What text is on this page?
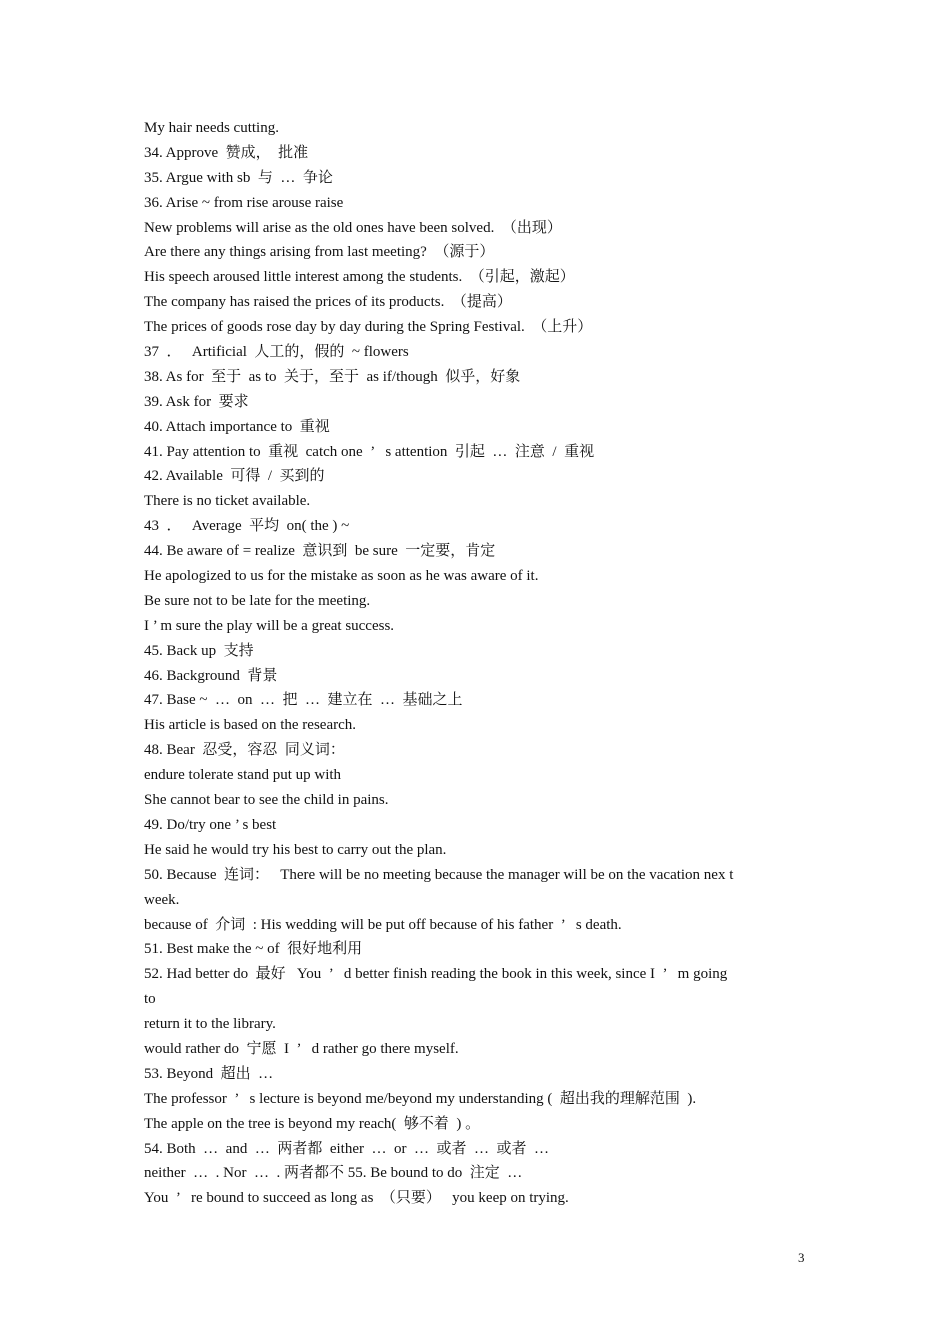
My hair needs cutting.
34. Approve  赞成，  批准
35. Argue with sb  与  …  争论
36. Arise ~ from rise arouse raise
New problems will arise as the old ones have been solved.  （出现）
Are there any things arising from last meeting?  （源于）
His speech aroused little interest among the students.  （引起，激起）
The company has raised the prices of its products.  （提高）
The prices of goods rose day by day during the Spring Festival.  （上升）
37  ．   Artificial  人工的，假的  ~ flowers
38. As for  至于  as to  关于，至于  as if/though  似乎，好象
39. Ask for  要求
40. Attach importance to  重视
41. Pay attention to  重视  catch one  ’   s attention  引起  …  注意  /  重视
42. Available  可得  /  买到的
There is no ticket available.
43  ．   Average  平均  on( the ) ~
44. Be aware of = realize  意识到  be sure  一定要，肯定
He apologized to us for the mistake as soon as he was aware of it.
Be sure not to be late for the meeting.
I ’ m sure the play will be a great success.
45. Back up  支持
46. Background  背景
47. Base ~  …  on  …  把  …  建立在  …  基础之上
His article is based on the research.
48. Bear  忍受，容忍  同义词：
endure tolerate stand put up with
She cannot bear to see the child in pains.
49. Do/try one ’ s best
He said he would try his best to carry out the plan.
50. Because  连词：   There will be no meeting because the manager will be on the vacation nex t
week.
because of  介词  : His wedding will be put off because of his father  ’   s death.
51. Best make the ~ of  很好地利用
52. Had better do  最好   You  ’   d better finish reading the book in this week, since I  ’   m going
to
return it to the library.
would rather do  宁愿  I  ’   d rather go there myself.
53. Beyond  超出  …
The professor  ’   s lecture is beyond me/beyond my understanding (  超出我的理解范围  ).
The apple on the tree is beyond my reach(  够不着  ) 。
54. Both  …  and  …  两者都  either  …  or  …  或者  …  或者  …
neither  …  . Nor  …  . 两者都不 55. Be bound to do  注定  …
You  ’   re bound to succeed as long as  （只要）   you keep on trying.
3
